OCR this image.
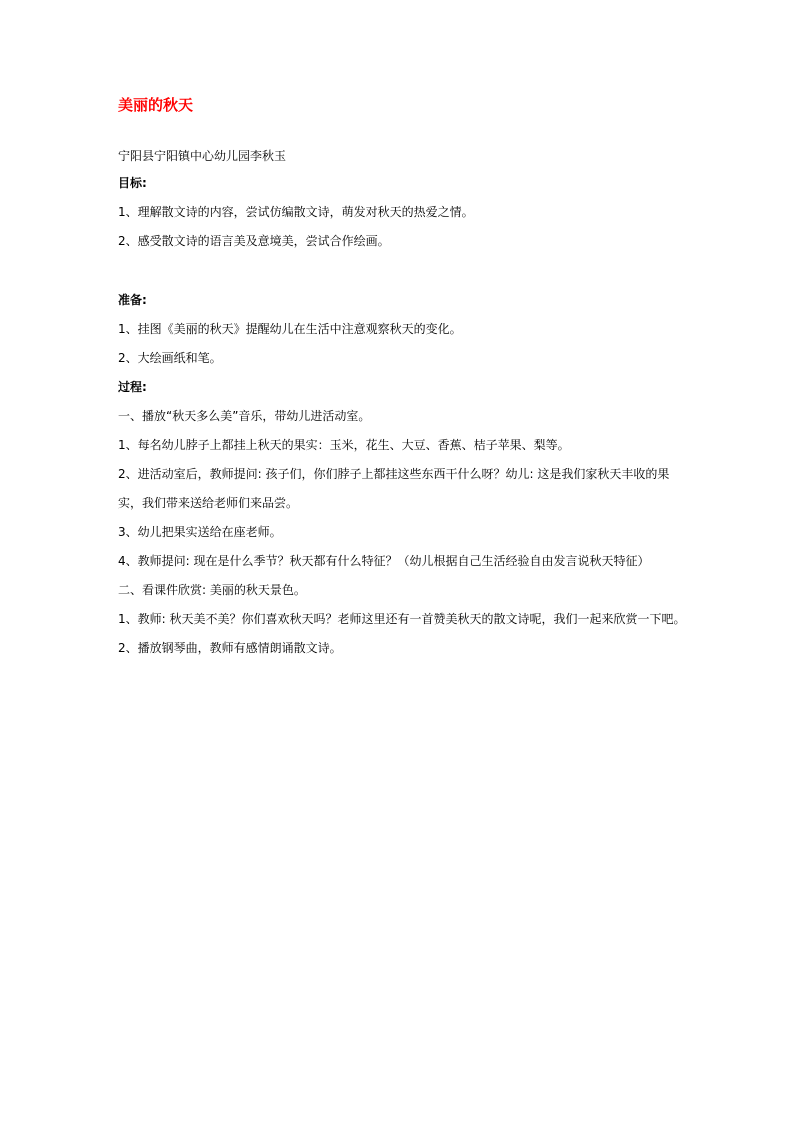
美丽的秋天
宁阳县宁阳镇中心幼儿园李秋玉
目标:
1、理解散文诗的内容，尝试仿编散文诗，萌发对秋天的热爱之情。
2、感受散文诗的语言美及意境美，尝试合作绘画。
准备:
1、挂图《美丽的秋天》提醒幼儿在生活中注意观察秋天的变化。
2、大绘画纸和笔。
过程:
一、播放“秋天多么美”音乐，带幼儿进活动室。
1、每名幼儿脖子上都挂上秋天的果实：玉米，花生、大豆、香蕉、桔子苹果、梨等。
2、进活动室后，教师提问: 孩子们，你们脖子上都挂这些东西干什么呀？幼儿: 这是我们家秋天丰收的果
实，我们带来送给老师们来品尝。
3、幼儿把果实送给在座老师。
4、教师提问: 现在是什么季节？秋天都有什么特征？（幼儿根据自己生活经验自由发言说秋天特征）
二、看课件欣赏: 美丽的秋天景色。
1、教师: 秋天美不美？你们喜欢秋天吗？老师这里还有一首赞美秋天的散文诗呢，我们一起来欣赏一下吧。
2、播放钢琴曲，教师有感情朗诵散文诗。
